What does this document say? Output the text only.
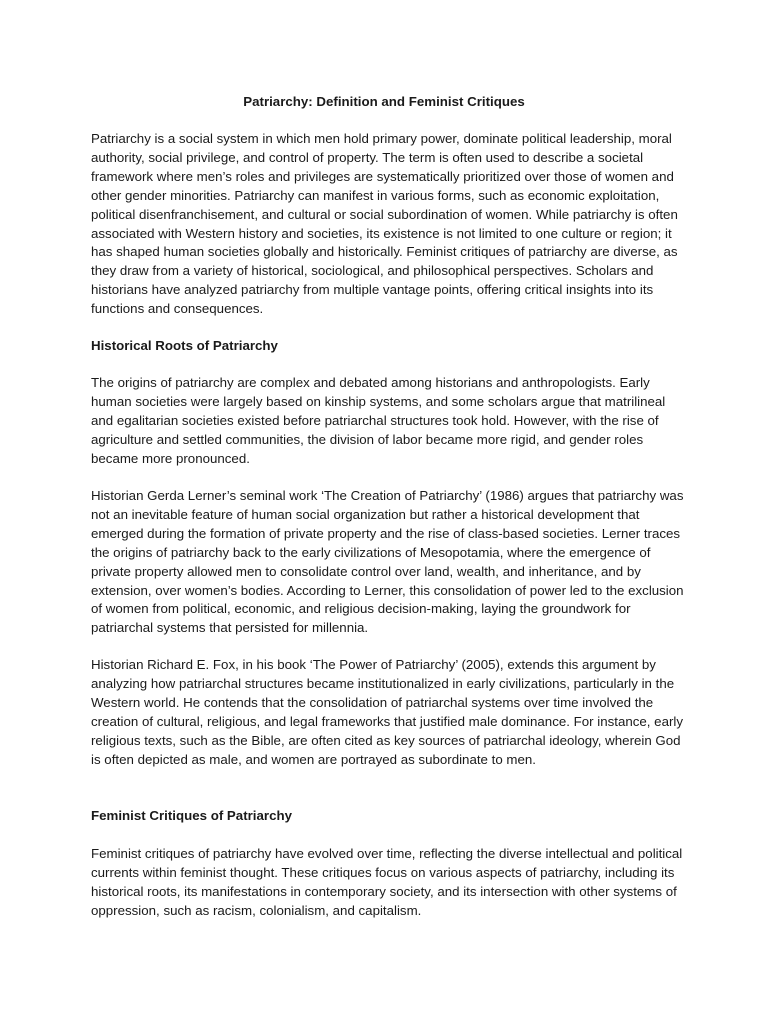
Patriarchy: Definition and Feminist Critiques

Patriarchy is a social system in which men hold primary power, dominate political leadership, moral authority, social privilege, and control of property. The term is often used to describe a societal framework where men’s roles and privileges are systematically prioritized over those of women and other gender minorities. Patriarchy can manifest in various forms, such as economic exploitation, political disenfranchisement, and cultural or social subordination of women. While patriarchy is often associated with Western history and societies, its existence is not limited to one culture or region; it has shaped human societies globally and historically. Feminist critiques of patriarchy are diverse, as they draw from a variety of historical, sociological, and philosophical perspectives. Scholars and historians have analyzed patriarchy from multiple vantage points, offering critical insights into its functions and consequences.

Historical Roots of Patriarchy

The origins of patriarchy are complex and debated among historians and anthropologists. Early human societies were largely based on kinship systems, and some scholars argue that matrilineal and egalitarian societies existed before patriarchal structures took hold. However, with the rise of agriculture and settled communities, the division of labor became more rigid, and gender roles became more pronounced.

Historian Gerda Lerner’s seminal work ‘The Creation of Patriarchy’ (1986) argues that patriarchy was not an inevitable feature of human social organization but rather a historical development that emerged during the formation of private property and the rise of class-based societies. Lerner traces the origins of patriarchy back to the early civilizations of Mesopotamia, where the emergence of private property allowed men to consolidate control over land, wealth, and inheritance, and by extension, over women’s bodies. According to Lerner, this consolidation of power led to the exclusion of women from political, economic, and religious decision-making, laying the groundwork for patriarchal systems that persisted for millennia.

Historian Richard E. Fox, in his book ‘The Power of Patriarchy’ (2005), extends this argument by analyzing how patriarchal structures became institutionalized in early civilizations, particularly in the Western world. He contends that the consolidation of patriarchal systems over time involved the creation of cultural, religious, and legal frameworks that justified male dominance. For instance, early religious texts, such as the Bible, are often cited as key sources of patriarchal ideology, wherein God is often depicted as male, and women are portrayed as subordinate to men.

Feminist Critiques of Patriarchy

Feminist critiques of patriarchy have evolved over time, reflecting the diverse intellectual and political currents within feminist thought. These critiques focus on various aspects of patriarchy, including its historical roots, its manifestations in contemporary society, and its intersection with other systems of oppression, such as racism, colonialism, and capitalism.
